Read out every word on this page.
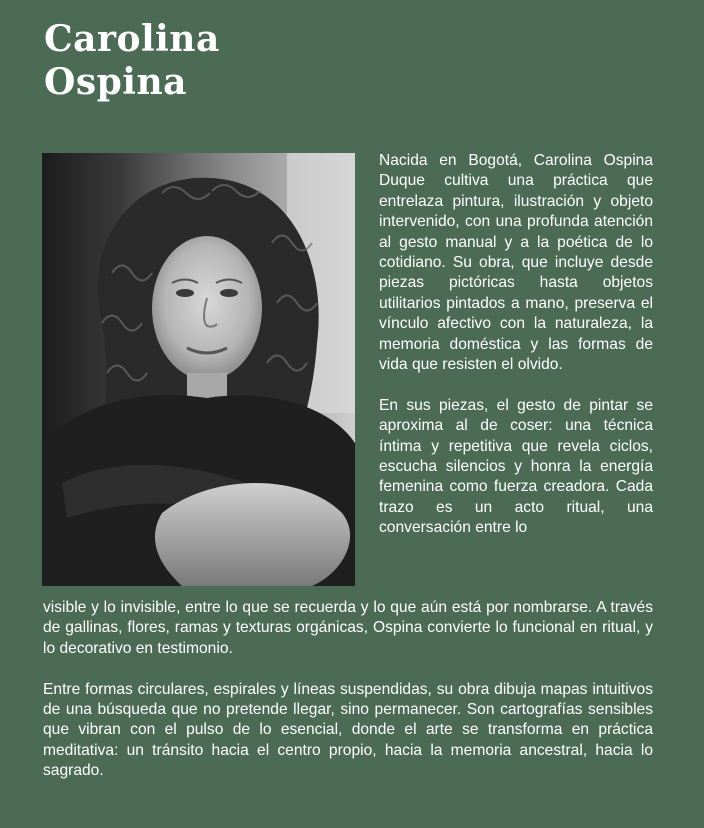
Carolina
Ospina

Nacida en Bogotá, Carolina Ospina Duque cultiva una práctica que entrelaza pintura, ilustración y objeto intervenido, con una profunda atención al gesto manual y a la poética de lo cotidiano. Su obra, que incluye desde piezas pictóricas hasta objetos utilitarios pintados a mano, preserva el vínculo afectivo con la naturaleza, la memoria doméstica y las formas de vida que resisten el olvido.

En sus piezas, el gesto de pintar se aproxima al de coser: una técnica íntima y repetitiva que revela ciclos, escucha silencios y honra la energía femenina como fuerza creadora. Cada trazo es un acto ritual, una conversación entre lo

visible y lo invisible, entre lo que se recuerda y lo que aún está por nombrarse. A través de gallinas, flores, ramas y texturas orgánicas, Ospina convierte lo funcional en ritual, y lo decorativo en testimonio.

Entre formas circulares, espirales y líneas suspendidas, su obra dibuja mapas intuitivos de una búsqueda que no pretende llegar, sino permanecer. Son cartografías sensibles que vibran con el pulso de lo esencial, donde el arte se transforma en práctica meditativa: un tránsito hacia el centro propio, hacia la memoria ancestral, hacia lo sagrado.
